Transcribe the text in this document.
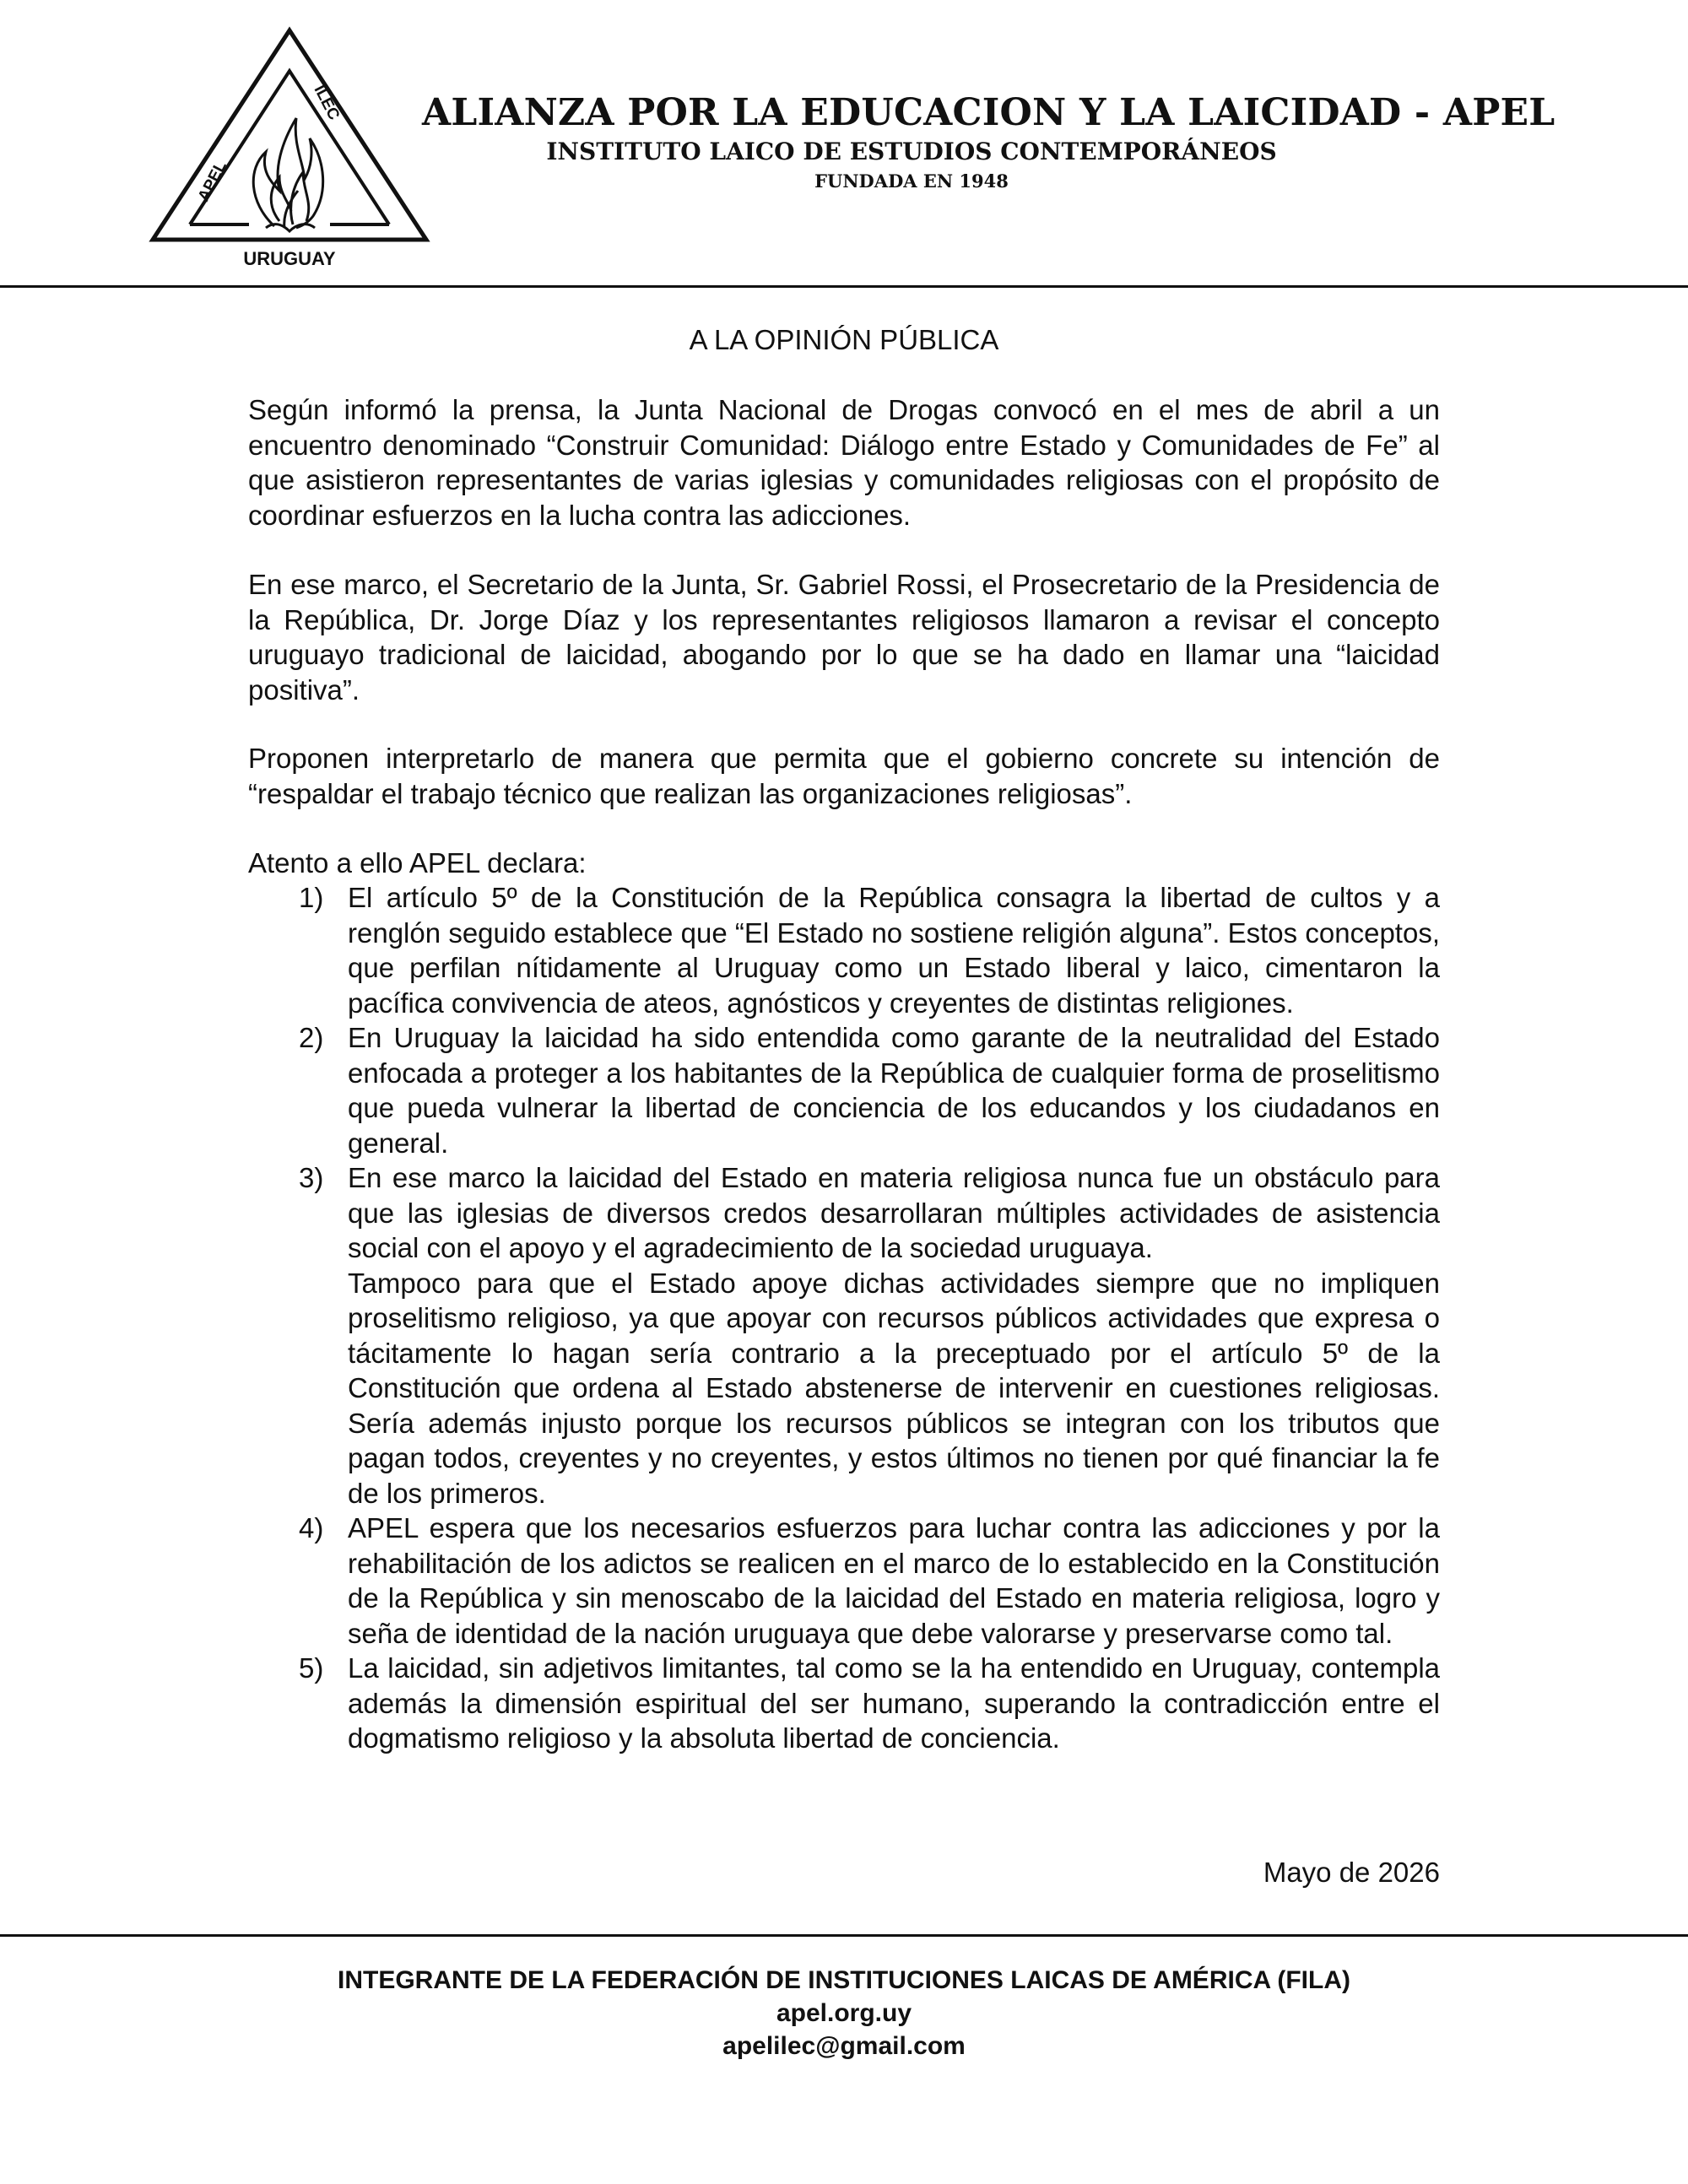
APEL
ILEC
URUGUAY
ALIANZA POR LA EDUCACION Y LA LAICIDAD - APEL
INSTITUTO LAICO DE ESTUDIOS CONTEMPORÁNEOS
FUNDADA EN 1948
A LA OPINIÓN PÚBLICA

Según informó la prensa, la Junta Nacional de Drogas convocó en el mes de abril a un encuentro denominado “Construir Comunidad: Diálogo entre Estado y Comunidades de Fe” al que asistieron representantes de varias iglesias y comunidades religiosas con el propósito de coordinar esfuerzos en la lucha contra las adicciones.

En ese marco, el Secretario de la Junta, Sr. Gabriel Rossi, el Prosecretario de la Presidencia de la República, Dr. Jorge Díaz y los representantes religiosos llamaron a revisar el concepto uruguayo tradicional de laicidad, abogando por lo que se ha dado en llamar una “laicidad positiva”.

Proponen interpretarlo de manera que permita que el gobierno concrete su intención de “respaldar el trabajo técnico que realizan las organizaciones religiosas”.

Atento a ello APEL declara:

1) El artículo 5º de la Constitución de la República consagra la libertad de cultos y a renglón seguido establece que “El Estado no sostiene religión alguna”. Estos conceptos, que perfilan nítidamente al Uruguay como un Estado liberal y laico, cimentaron la pacífica convivencia de ateos, agnósticos y creyentes de distintas religiones.

2) En Uruguay la laicidad ha sido entendida como garante de la neutralidad del Estado enfocada a proteger a los habitantes de la República de cualquier forma de proselitismo que pueda vulnerar la libertad de conciencia de los educandos y los ciudadanos en general.

3) En ese marco la laicidad del Estado en materia religiosa nunca fue un obstáculo para que las iglesias de diversos credos desarrollaran múltiples actividades de asistencia social con el apoyo y el agradecimiento de la sociedad uruguaya.

Tampoco para que el Estado apoye dichas actividades siempre que no impliquen proselitismo religioso, ya que apoyar con recursos públicos actividades que expresa o tácitamente lo hagan sería contrario a la preceptuado por el artículo 5º de la Constitución que ordena al Estado abstenerse de intervenir en cuestiones religiosas. Sería además injusto porque los recursos públicos se integran con los tributos que pagan todos, creyentes y no creyentes, y estos últimos no tienen por qué financiar la fe de los primeros.

4) APEL espera que los necesarios esfuerzos para luchar contra las adicciones y por la rehabilitación de los adictos se realicen en el marco de lo establecido en la Constitución de la República y sin menoscabo de la laicidad del Estado en materia religiosa, logro y seña de identidad de la nación uruguaya que debe valorarse y preservarse como tal.

5) La laicidad, sin adjetivos limitantes, tal como se la ha entendido en Uruguay, contempla además la dimensión espiritual del ser humano, superando la contradicción entre el dogmatismo religioso y la absoluta libertad de conciencia.

Mayo de 2026
INTEGRANTE DE LA FEDERACIÓN DE INSTITUCIONES LAICAS DE AMÉRICA (FILA)
apel.org.uy
apelilec@gmail.com
